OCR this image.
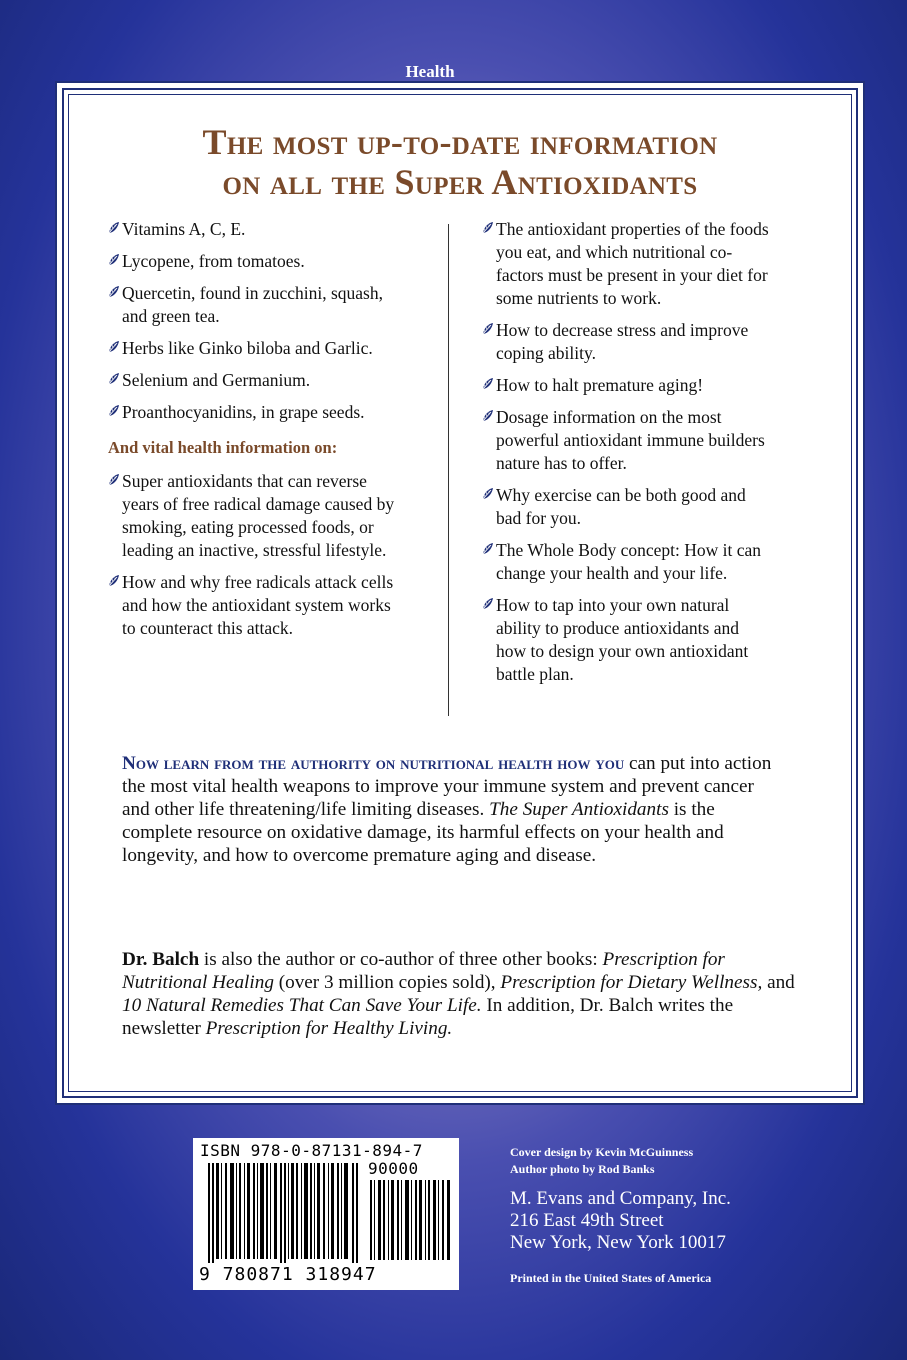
Health
The most up-to-date information
on all the Super Antioxidants
Vitamins A, C, E.
Lycopene, from tomatoes.
Quercetin, found in zucchini, squash, and green tea.
Herbs like Ginko biloba and Garlic.
Selenium and Germanium.
Proanthocyanidins, in grape seeds.
And vital health information on:
Super antioxidants that can reverse years of free radical damage caused by smoking, eating processed foods, or leading an inactive, stressful lifestyle.
How and why free radicals attack cells and how the antioxidant system works to counteract this attack.
The antioxidant properties of the foods you eat, and which nutritional co-factors must be present in your diet for some nutrients to work.
How to decrease stress and improve coping ability.
How to halt premature aging!
Dosage information on the most powerful antioxidant immune builders nature has to offer.
Why exercise can be both good and bad for you.
The Whole Body concept: How it can change your health and your life.
How to tap into your own natural ability to produce antioxidants and how to design your own antioxidant battle plan.
Now learn from the authority on nutritional health how you can put into action the most vital health weapons to improve your immune system and prevent cancer and other life threatening/life limiting diseases. The Super Antioxidants is the complete resource on oxidative damage, its harmful effects on your health and longevity, and how to overcome premature aging and disease.
Dr. Balch is also the author or co-author of three other books: Prescription for Nutritional Healing (over 3 million copies sold), Prescription for Dietary Wellness, and 10 Natural Remedies That Can Save Your Life. In addition, Dr. Balch writes the newsletter Prescription for Healthy Living.
ISBN 978-0-87131-894-7
90000
9 780871 318947
Cover design by Kevin McGuinness
Author photo by Rod Banks
M. Evans and Company, Inc.
216 East 49th Street
New York, New York 10017
Printed in the United States of America
